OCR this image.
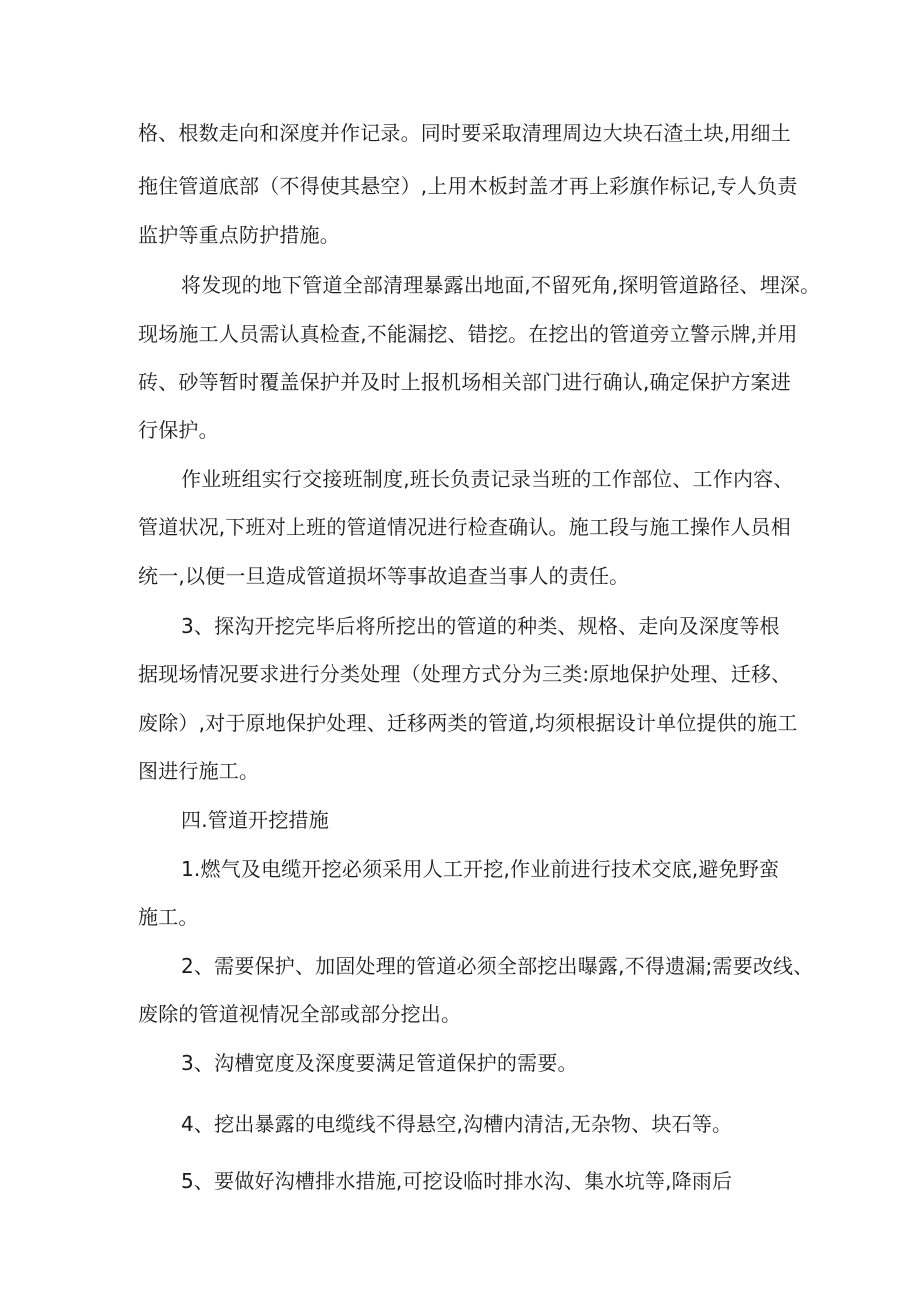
格、根数走向和深度并作记录。同时要采取清理周边大块石渣土块,用细土
拖住管道底部（不得使其悬空）,上用木板封盖才再上彩旗作标记,专人负责
监护等重点防护措施。
将发现的地下管道全部清理暴露出地面,不留死角,探明管道路径、埋深。
现场施工人员需认真检查,不能漏挖、错挖。在挖出的管道旁立警示牌,并用
砖、砂等暂时覆盖保护并及时上报机场相关部门进行确认,确定保护方案进
行保护。
作业班组实行交接班制度,班长负责记录当班的工作部位、工作内容、
管道状况,下班对上班的管道情况进行检查确认。施工段与施工操作人员相
统一,以便一旦造成管道损坏等事故追查当事人的责任。
3、探沟开挖完毕后将所挖出的管道的种类、规格、走向及深度等根
据现场情况要求进行分类处理（处理方式分为三类:原地保护处理、迁移、
废除）,对于原地保护处理、迁移两类的管道,均须根据设计单位提供的施工
图进行施工。
四.管道开挖措施
1.燃气及电缆开挖必须采用人工开挖,作业前进行技术交底,避免野蛮
施工。
2、需要保护、加固处理的管道必须全部挖出曝露,不得遗漏;需要改线、
废除的管道视情况全部或部分挖出。
3、沟槽宽度及深度要满足管道保护的需要。
4、挖出暴露的电缆线不得悬空,沟槽内清洁,无杂物、块石等。
5、要做好沟槽排水措施,可挖设临时排水沟、集水坑等,降雨后
